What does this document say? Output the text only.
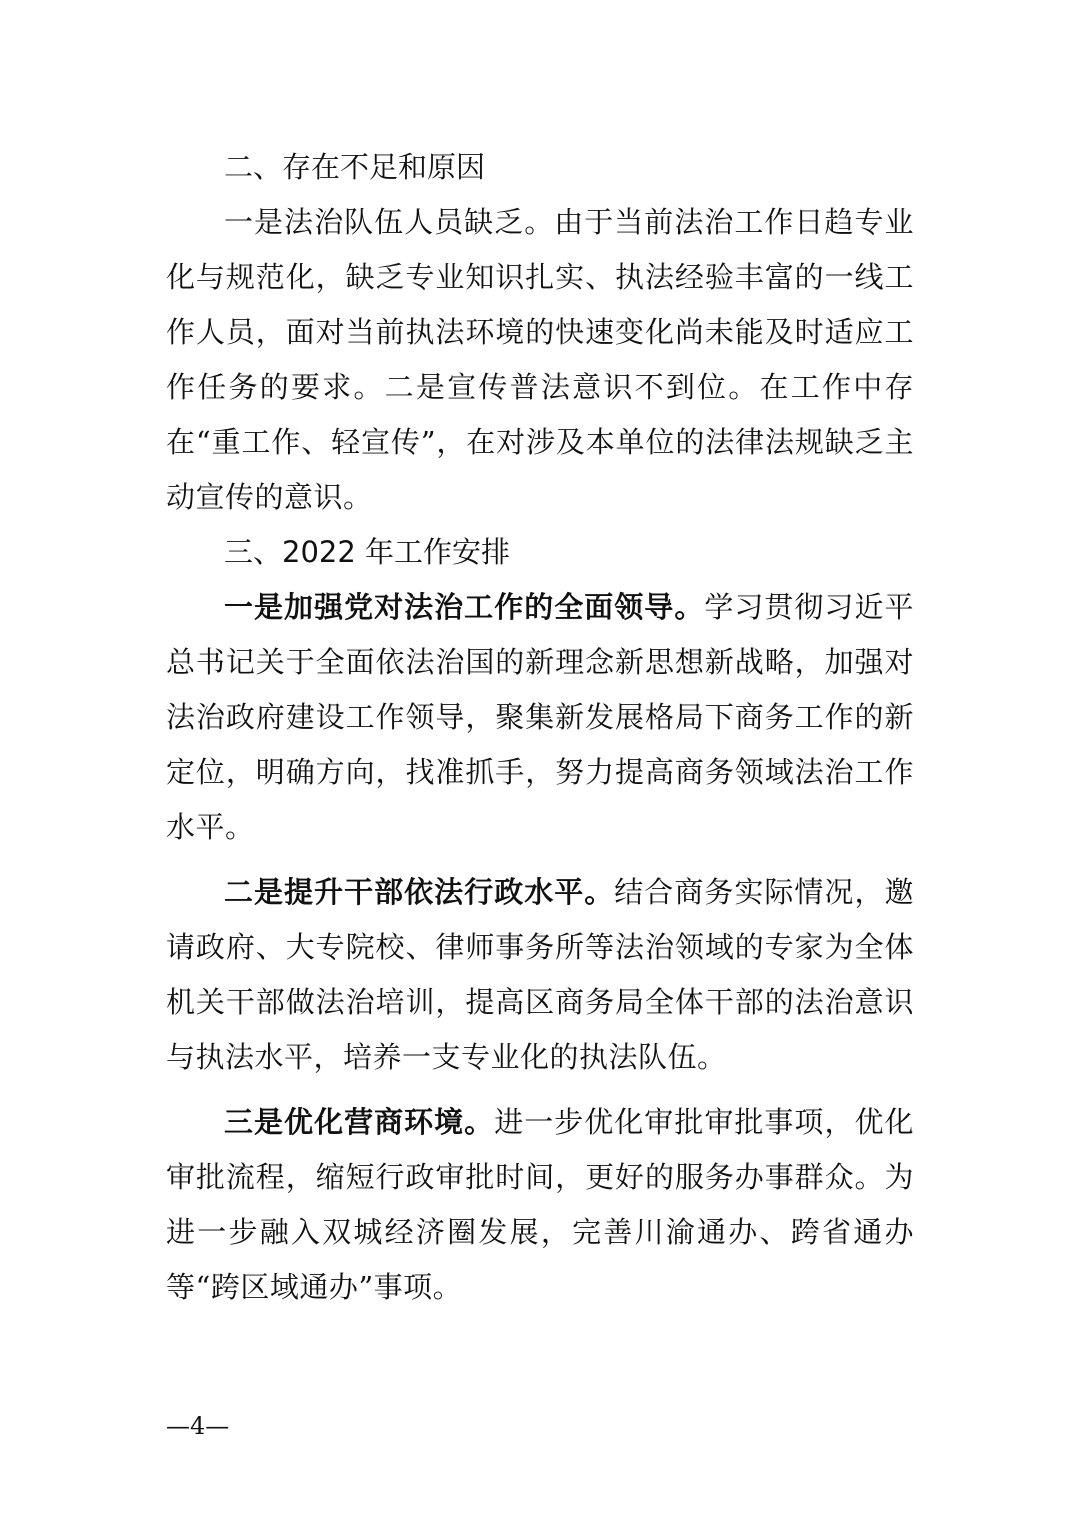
二、存在不足和原因

一是法治队伍人员缺乏。由于当前法治工作日趋专业化与规范化，缺乏专业知识扎实、执法经验丰富的一线工作人员，面对当前执法环境的快速变化尚未能及时适应工作任务的要求。二是宣传普法意识不到位。在工作中存在“重工作、轻宣传”，在对涉及本单位的法律法规缺乏主动宣传的意识。

三、2022 年工作安排

一是加强党对法治工作的全面领导。学习贯彻习近平总书记关于全面依法治国的新理念新思想新战略，加强对法治政府建设工作领导，聚集新发展格局下商务工作的新定位，明确方向，找准抓手，努力提高商务领域法治工作水平。

二是提升干部依法行政水平。结合商务实际情况，邀请政府、大专院校、律师事务所等法治领域的专家为全体机关干部做法治培训，提高区商务局全体干部的法治意识与执法水平，培养一支专业化的执法队伍。

三是优化营商环境。进一步优化审批审批事项，优化审批流程，缩短行政审批时间，更好的服务办事群众。为进一步融入双城经济圈发展，完善川渝通办、跨省通办等“跨区域通办”事项。

—4—
